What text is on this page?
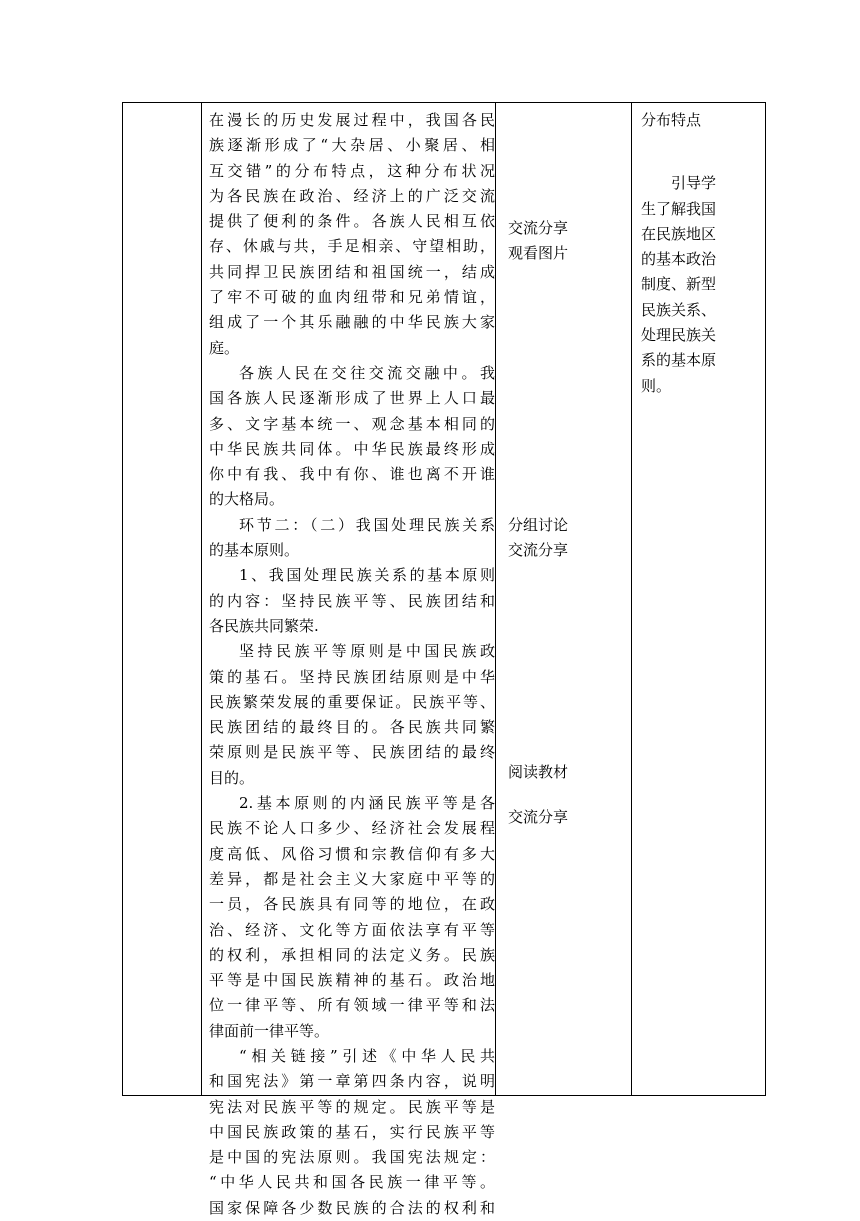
在漫长的历史发展过程中，我国各民
族逐渐形成了“大杂居、小聚居、相
互交错”的分布特点，这种分布状况
为各民族在政治、经济上的广泛交流
提供了便利的条件。各族人民相互依
存、休戚与共，手足相亲、守望相助，
共同捍卫民族团结和祖国统一，结成
了牢不可破的血肉纽带和兄弟情谊，
组成了一个其乐融融的中华民族大家
庭。

各族人民在交往交流交融中。我
国各族人民逐渐形成了世界上人口最
多、文字基本统一、观念基本相同的
中华民族共同体。中华民族最终形成
你中有我、我中有你、谁也离不开谁
的大格局。

环节二：（二）我国处理民族关系
的基本原则。

1、我国处理民族关系的基本原则
的内容：坚持民族平等、民族团结和
各民族共同繁荣.

坚持民族平等原则是中国民族政
策的基石。坚持民族团结原则是中华
民族繁荣发展的重要保证。民族平等、
民族团结的最终目的。各民族共同繁
荣原则是民族平等、民族团结的最终
目的。

2.基本原则的内涵民族平等是各
民族不论人口多少、经济社会发展程
度高低、风俗习惯和宗教信仰有多大
差异，都是社会主义大家庭中平等的
一员，各民族具有同等的地位，在政
治、经济、文化等方面依法享有平等
的权利，承担相同的法定义务。民族
平等是中国民族精神的基石。政治地
位一律平等、所有领域一律平等和法
律面前一律平等。

“相关链接”引述《中华人民共
和国宪法》第一章第四条内容，说明
宪法对民族平等的规定。民族平等是
中国民族政策的基石，实行民族平等
是中国的宪法原则。我国宪法规定：
“中华人民共和国各民族一律平等。
国家保障各少数民族的合法的权利和

交流分享

观看图片

分组讨论

交流分享

阅读教材

交流分享

分布特点

引导学
生了解我国
在民族地区
的基本政治
制度、新型
民族关系、
处理民族关
系的基本原
则。
